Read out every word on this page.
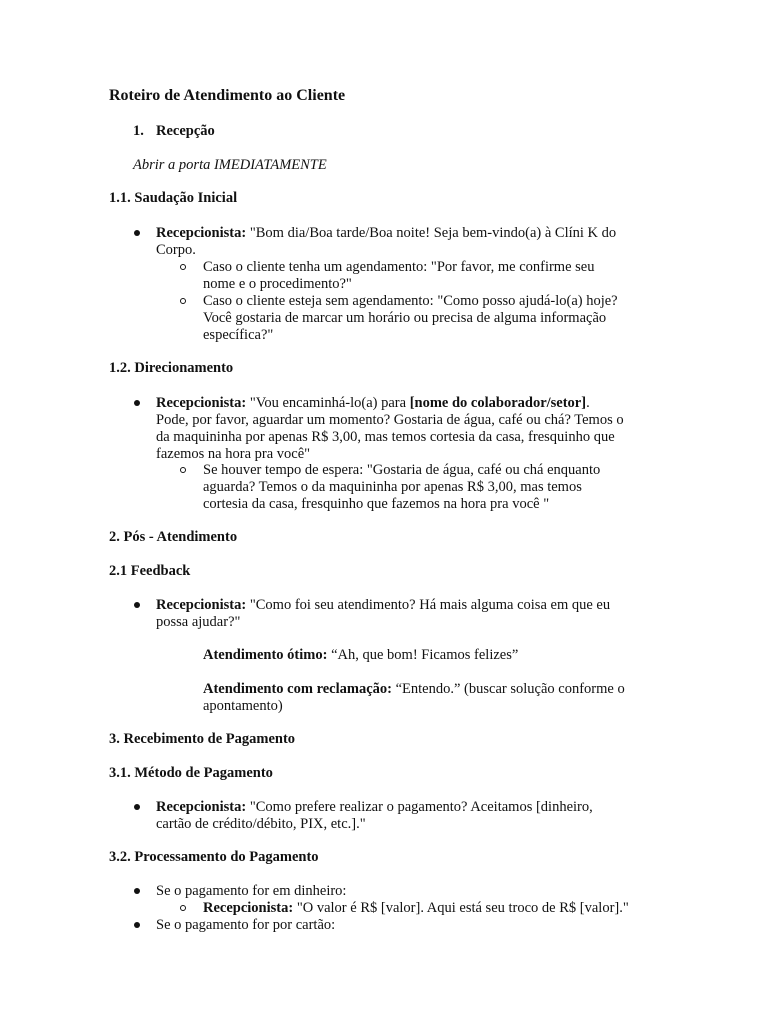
Roteiro de Atendimento ao Cliente
1. Recepção
Abrir a porta IMEDIATAMENTE
1.1. Saudação Inicial
Recepcionista: "Bom dia/Boa tarde/Boa noite! Seja bem-vindo(a) à Clíni K do
Corpo.
Caso o cliente tenha um agendamento: "Por favor, me confirme seu
nome e o procedimento?"
Caso o cliente esteja sem agendamento: "Como posso ajudá-lo(a) hoje?
Você gostaria de marcar um horário ou precisa de alguma informação
específica?"
1.2. Direcionamento
Recepcionista: "Vou encaminhá-lo(a) para [nome do colaborador/setor].
Pode, por favor, aguardar um momento? Gostaria de água, café ou chá? Temos o
da maquininha por apenas R$ 3,00, mas temos cortesia da casa, fresquinho que
fazemos na hora pra você"
Se houver tempo de espera: "Gostaria de água, café ou chá enquanto
aguarda? Temos o da maquininha por apenas R$ 3,00, mas temos
cortesia da casa, fresquinho que fazemos na hora pra você "
2. Pós - Atendimento
2.1 Feedback
Recepcionista: "Como foi seu atendimento? Há mais alguma coisa em que eu
possa ajudar?"
Atendimento ótimo: “Ah, que bom! Ficamos felizes”
Atendimento com reclamação: “Entendo.” (buscar solução conforme o
apontamento)
3. Recebimento de Pagamento
3.1. Método de Pagamento
Recepcionista: "Como prefere realizar o pagamento? Aceitamos [dinheiro,
cartão de crédito/débito, PIX, etc.]."
3.2. Processamento do Pagamento
Se o pagamento for em dinheiro:
Recepcionista: "O valor é R$ [valor]. Aqui está seu troco de R$ [valor]."
Se o pagamento for por cartão:
